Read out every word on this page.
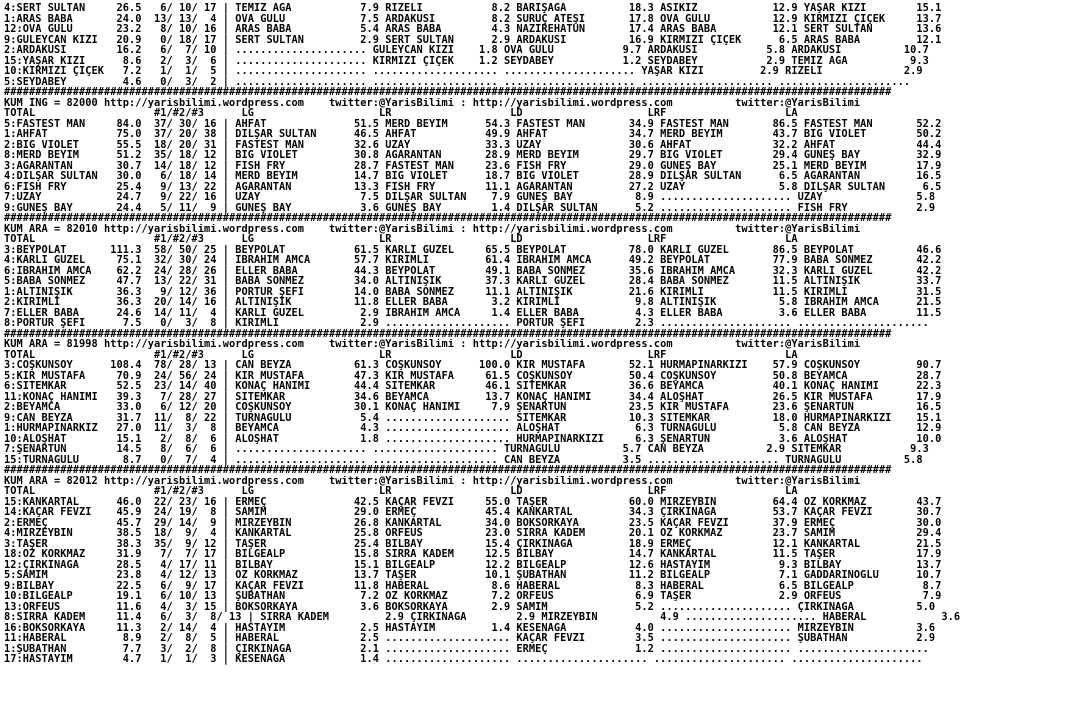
4:SERT SULTAN     26.5   6/ 10/ 17 | TEMİZ AĞA           7.9 RİZELİ           8.2 BARIŞAĞA          18.3 ASİKİZ            12.9 YAŞAR KIZI        15.1
1:ARAS BABA       24.0  13/ 13/  4 | OVA GÜLÜ            7.5 ARDAKUSİ         8.2 SURUÇ ATEŞİ       17.8 OVA GÜLÜ          12.9 KIRMIZI ÇİÇEK     13.7
12:OVA GÜLÜ       23.2   8/ 10/ 16 | ARAS BABA           5.4 ARAS BABA        4.3 NAZİREHATUN       17.4 ARAS BABA         12.1 SERT SULTAN       13.6
9:GÜLEYCAN KIZI   20.9   0/ 18/ 17 | SERT SULTAN         2.9 SERT SULTAN      2.9 ARDAKUSİ          16.9 KIRMIZI ÇİÇEK      6.5 ARAS BABA         12.1
2:ARDAKUSİ        16.2   6/  7/ 10 | ..................... GÜLEYCAN KIZI    1.8 OVA GÜLÜ           9.7 ARDAKUSİ           5.8 ARDAKUSİ          10.7
15:YAŞAR KIZI      8.6   2/  3/  6 | ..................... KIRMIZI ÇİÇEK    1.2 SEYDABEY           1.2 SEYDABEY           2.9 TEMİZ AĞA          9.3
10:KIRMIZI ÇİÇEK   7.2   1/  1/  5 | ..................... .................... ..................... YAŞAR KIZI         2.9 RİZELİ             2.9
5:SEYDABEY         4.6   0/  3/  2 | ..................... .................... ..................... ..................... .....................
##############################################################################################################################################
KUM İNG = 82000 http://yarisbilimi.wordpress.com    twitter:@YarisBilimi : http://yarisbilimi.wordpress.com          twitter:@YarisBilimi
TOTAL                   #1/#2/#3      LG                    LR                   LD                    LRF                   LA
5:FASTEST MAN     84.0  37/ 30/ 16 | AHFAT              51.5 MERD BEYİM      54.3 FASTEST MAN       34.9 FASTEST MAN       86.5 FASTEST MAN       52.2
1:AHFAT           75.0  37/ 20/ 38 | DİLŞAR SULTAN      46.5 AHFAT           49.9 AHFAT             34.7 MERD BEYİM        43.7 BIG VIOLET        50.2
2:BIG VIOLET      55.5  18/ 20/ 31 | FASTEST MAN        32.6 UZAY            33.3 UZAY              30.6 AHFAT             32.2 AHFAT             44.4
8:MERD BEYİM      51.2  35/ 18/ 12 | BIG VIOLET         30.8 AĞARANTAN       28.9 MERD BEYİM        29.7 BIG VIOLET        29.4 GÜNEŞ BAY         32.9
3:AĞARANTAN       30.7  14/ 18/ 12 | FISH FRY           28.7 FASTEST MAN     23.6 FISH FRY          29.0 GÜNEŞ BAY         25.1 MERD BEYİM        17.9
4:DİLŞAR SULTAN   30.0   6/ 18/ 14 | MERD BEYİM         14.7 BIG VIOLET      18.7 BIG VIOLET        28.9 DİLŞAR SULTAN      6.5 AĞARANTAN         16.5
6:FISH FRY        25.4   9/ 13/ 22 | AĞARANTAN          13.3 FISH FRY        11.1 AĞARANTAN         27.2 UZAY               5.8 DİLŞAR SULTAN      6.5
7:UZAY            24.7   9/ 22/ 16 | UZAY                7.5 DİLŞAR SULTAN    7.9 GÜNEŞ BAY          8.9 ..................... UZAY               5.8
9:GÜNEŞ BAY       24.4   5/ 11/  9 | GÜNEŞ BAY           3.6 GÜNEŞ BAY        1.4 DİLŞAR SULTAN      5.2 ..................... FISH FRY           2.9
##############################################################################################################################################
KUM ARA = 82010 http://yarisbilimi.wordpress.com    twitter:@YarisBilimi : http://yarisbilimi.wordpress.com          twitter:@YarisBilimi
TOTAL                   #1/#2/#3      LG                    LR                   LD                    LRF                   LA
3:BEYPOLAT       111.3  58/ 50/ 25 | BEYPOLAT           61.5 KARLI GÜZEL     65.5 BEYPOLAT          78.0 KARLI GÜZEL       86.5 BEYPOLAT          46.6
4:KARLI GÜZEL     75.1  32/ 30/ 24 | İBRAHİM AMCA       57.7 KIRIMLI         61.4 İBRAHİM AMCA      49.2 BEYPOLAT          77.9 BABA SÖNMEZ       42.2
6:İBRAHİM AMCA    62.2  24/ 28/ 26 | ELLER BABA         44.3 BEYPOLAT        49.1 BABA SÖNMEZ       35.6 İBRAHİM AMCA      32.3 KARLI GÜZEL       42.2
5:BABA SÖNMEZ     47.7  13/ 22/ 31 | BABA SÖNMEZ        34.0 ALTINIŞIK       37.3 KARLI GÜZEL       28.4 BABA SÖNMEZ       11.5 ALTINIŞIK         33.7
1:ALTINIŞIK       36.3   9/ 12/ 36 | PORTÜR ŞEFİ        14.0 BABA SÖNMEZ     11.1 ALTINIŞIK         21.6 KIRIMLI           11.5 KIRIMLI           31.5
2:KIRIMLI         36.3  20/ 14/ 16 | ALTINIŞIK          11.8 ELLER BABA       3.2 KIRIMLI            9.8 ALTINIŞIK          5.8 İBRAHİM AMCA      21.5
7:ELLER BABA      24.6  14/ 11/  4 | KARLI GÜZEL         2.9 İBRAHİM AMCA     1.4 ELLER BABA         4.3 ELLER BABA         3.6 ELLER BABA        11.5
8:PORTÜR ŞEFİ      7.5   0/  3/  8 | KIRIMLI             2.9 .................... PORTÜR ŞEFİ        2.3 ..................... .....................
##############################################################################################################################################
KUM ARA = 81998 http://yarisbilimi.wordpress.com    twitter:@YarisBilimi : http://yarisbilimi.wordpress.com          twitter:@YarisBilimi
TOTAL                   #1/#2/#3      LG                    LR                   LD                    LRF                   LA
3:COŞKUNSOY      108.4  78/ 28/ 13 | CAN BEYZA          61.3 COŞKUNSOY      100.0 KIR MUSTAFA       52.1 HURMAPINARKIZI    57.9 COŞKUNSOY         90.7
5:KIR MUSTAFA     70.9  24/ 56/ 24 | KIR MUSTAFA        47.3 KIR MUSTAFA     61.5 COŞKUNSOY         50.4 COŞKUNSOY         50.8 BEYAMCA           28.7
6:SİTEMKAR        52.5  23/ 14/ 40 | KONAÇ HANIMI       44.4 SİTEMKAR        46.1 SİTEMKAR          36.6 BEYAMCA           40.1 KONAÇ HANIMI      22.3
11:KONAÇ HANIMI   39.3   7/ 28/ 27 | SİTEMKAR           34.6 BEYAMCA         13.7 KONAÇ HANIMI      34.4 ALOŞHAT           26.5 KIR MUSTAFA       17.9
2:BEYAMCA         33.0   6/ 12/ 20 | COŞKUNSOY          30.1 KONAÇ HANIMI     7.9 ŞENARTUN          23.5 KIR MUSTAFA       23.6 ŞENARTUN          16.5
9:CAN BEYZA       31.7  11/  8/ 22 | TURNAGÜLÜ           5.4 .................... SİTEMKAR          10.3 SİTEMKAR          18.0 HURMAPINARKIZI    15.1
1:HURMAPINARKIZ   27.0  11/  3/  8 | BEYAMCA             4.3 .................... ALOŞHAT            6.3 TURNAGÜLÜ          5.8 CAN BEYZA         12.9
10:ALOŞHAT        15.1   2/  8/  6 | ALOŞHAT             1.8 .................... HURMAPINARKIZI     6.3 ŞENARTUN           3.6 ALOŞHAT           10.0
7:ŞENARTUN        14.5   8/  6/  6 | ..................... .................... TURNAGÜLÜ          5.7 CAN BEYZA          2.9 SİTEMKAR           9.3
15:TURNAGÜLÜ       8.7   0/  7/  4 | ..................... .................... CAN BEYZA          3.5 ..................... TURNAGÜLÜ          5.8
##############################################################################################################################################
KUM ARA = 82012 http://yarisbilimi.wordpress.com    twitter:@YarisBilimi : http://yarisbilimi.wordpress.com          twitter:@YarisBilimi
TOTAL                   #1/#2/#3      LG                    LR                   LD                    LRF                   LA
15:KANKARTAL      46.0  22/ 23/ 16 | ERMEÇ              42.5 KAÇAR FEVZİ     55.0 TAŞER             60.0 MİRZEYBİN         64.4 ÖZ KORKMAZ        43.7
14:KAÇAR FEVZİ    45.9  24/ 19/  8 | SAMİM              29.0 ERMEÇ           45.4 KANKARTAL         34.3 ÇIRKINAĞA         53.7 KAÇAR FEVZİ       30.7
2:ERMEÇ           45.7  29/ 14/  9 | MİRZEYBİN          26.8 KANKARTAL       34.0 BOKSÖRKAYA        23.5 KAÇAR FEVZİ       37.9 ERMEÇ             30.0
4:MİRZEYBİN       38.5  18/  9/  4 | KANKARTAL          25.8 ORFEUS          23.0 SIRRA KADEM       20.1 ÖZ KORKMAZ        23.7 SAMİM             29.4
3:TAŞER           38.3  35/  9/ 12 | TAŞER              25.4 BİLBAY          15.4 ÇIRKINAĞA         18.9 ERMEÇ             12.1 KANKARTAL         21.5
18:ÖZ KORKMAZ     31.9   7/  7/ 17 | BİLGEALP           15.8 SIRRA KADEM     12.5 BİLBAY            14.7 KANKARTAL         11.5 TAŞER             17.9
12:ÇIRKINAĞA      28.5   4/ 17/ 11 | BİLBAY             15.1 BİLGEALP        12.2 BİLGEALP          12.6 HASTAYIM           9.3 BİLBAY            13.7
5:SAMİM           23.8   4/ 12/ 13 | ÖZ KORKMAZ         13.7 TAŞER           10.1 ŞUBATHAN          11.2 BİLGEALP           7.1 GADDARINOĞLU      10.7
9:BİLBAY          22.5   6/  9/ 17 | KAÇAR FEVZİ        11.8 HABERAL          8.6 HABERAL            8.3 HABERAL            6.5 BİLGEALP           8.7
10:BİLGEALP       19.1   6/ 10/ 13 | ŞUBATHAN            7.2 ÖZ KORKMAZ       7.2 ORFEUS             6.9 TAŞER              2.9 ORFEUS             7.9
13:ORFEUS         11.6   4/  3/ 15 | BOKSÖRKAYA          3.6 BOKSÖRKAYA       2.9 SAMİM              5.2 ..................... ÇIRKINAĞA          5.0
8:SIRRA KADEM     11.4   6/  3/  8/ 13 | SIRRA KADEM         2.9 ÇIRKINAĞA        2.9 MİRZEYBİN          4.9 ..................... HABERAL            3.6
16:BOKSÖRKAYA     11.3   2/ 14/  4 | HASTAYIM            2.5 HASTAYIM         1.4 KESENAĞA           4.0 ..................... MİRZEYBİN          3.6
11:HABERAL         8.9   2/  8/  5 | HABERAL             2.5 .................... KAÇAR FEVZİ        3.5 ..................... ŞUBATHAN           2.9
1:ŞUBATHAN         7.7   3/  2/  8 | ÇIRKINAĞA           2.1 .................... ERMEÇ              1.2 ..................... .....................
17:HASTAYIM        4.7   1/  1/  3 | KESENAĞA            1.4 .................... ..................... ..................... .....................
